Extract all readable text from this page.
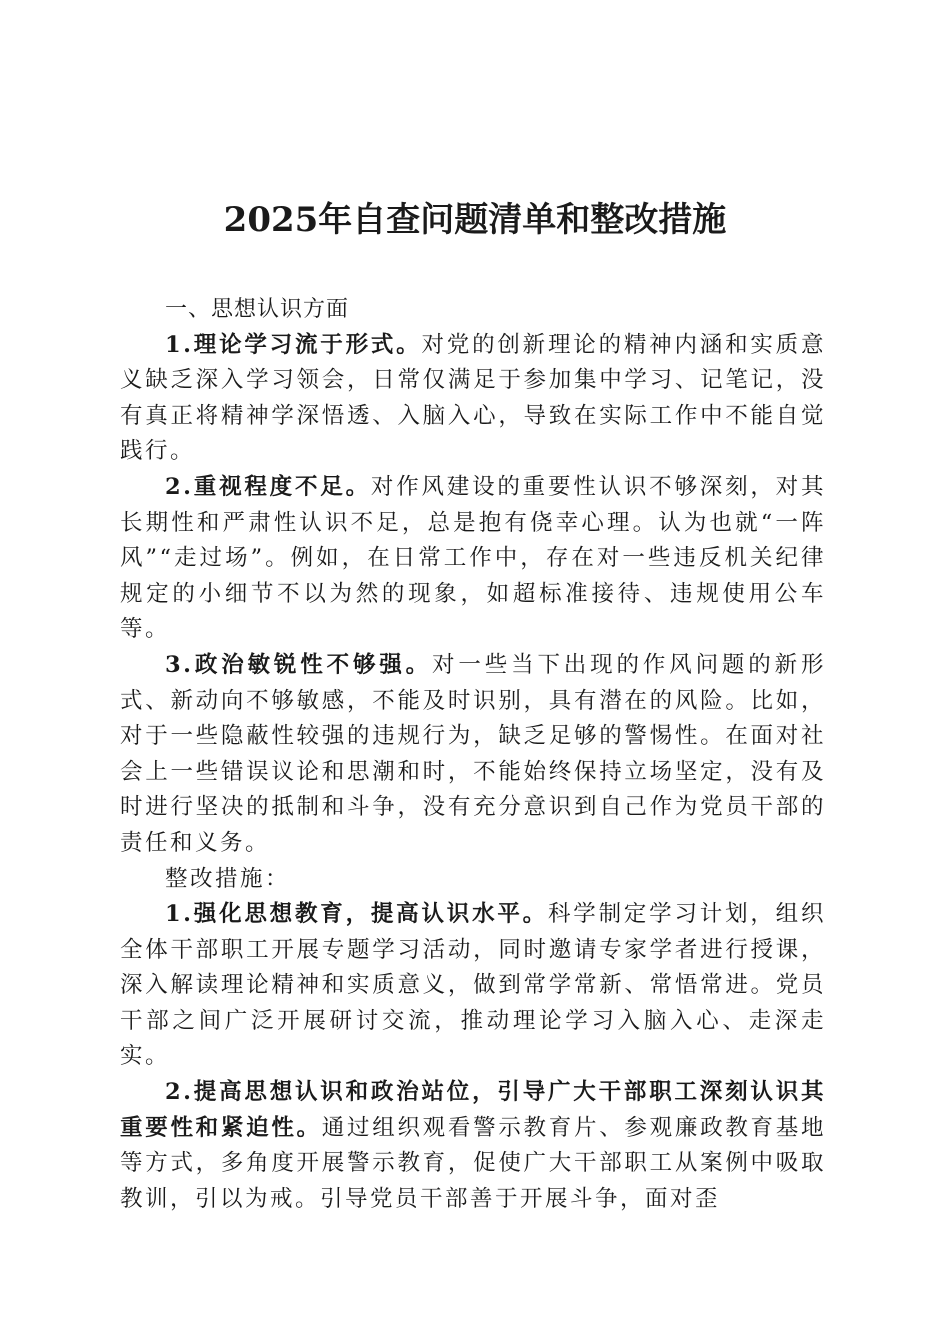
2025年自查问题清单和整改措施

一、思想认识方面

1.理论学习流于形式。对党的创新理论的精神内涵和实质意义缺乏深入学习领会，日常仅满足于参加集中学习、记笔记，没有真正将精神学深悟透、入脑入心，导致在实际工作中不能自觉践行。

2.重视程度不足。对作风建设的重要性认识不够深刻，对其长期性和严肃性认识不足，总是抱有侥幸心理。认为也就“一阵风”“走过场”。例如，在日常工作中，存在对一些违反机关纪律规定的小细节不以为然的现象，如超标准接待、违规使用公车等。

3.政治敏锐性不够强。对一些当下出现的作风问题的新形式、新动向不够敏感，不能及时识别，具有潜在的风险。比如，对于一些隐蔽性较强的违规行为，缺乏足够的警惕性。在面对社会上一些错误议论和思潮和时，不能始终保持立场坚定，没有及时进行坚决的抵制和斗争，没有充分意识到自己作为党员干部的责任和义务。

整改措施：

1.强化思想教育，提高认识水平。科学制定学习计划，组织全体干部职工开展专题学习活动，同时邀请专家学者进行授课，深入解读理论精神和实质意义，做到常学常新、常悟常进。党员干部之间广泛开展研讨交流，推动理论学习入脑入心、走深走实。

2.提高思想认识和政治站位，引导广大干部职工深刻认识其重要性和紧迫性。通过组织观看警示教育片、参观廉政教育基地等方式，多角度开展警示教育，促使广大干部职工从案例中吸取教训，引以为戒。引导党员干部善于开展斗争，面对歪
